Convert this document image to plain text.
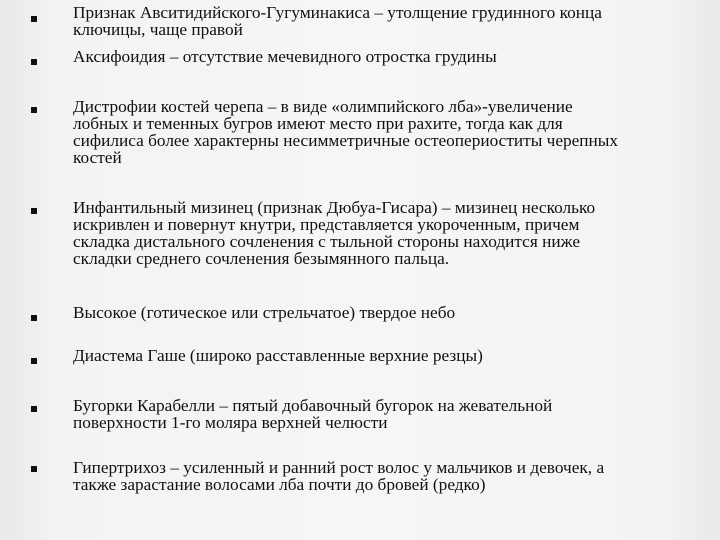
Признак Авситидийского-Гугуминакиса – утолщение грудинного конца
ключицы, чаще правой

Аксифоидия – отсутствие мечевидного отростка грудины

Дистрофии костей черепа – в виде «олимпийского лба»-увеличение
лобных и теменных бугров имеют место при рахите, тогда как для
сифилиса более характерны несимметричные остеопериоститы черепных
костей

Инфантильный мизинец (признак Дюбуа-Гисара) – мизинец несколько
искривлен и повернут кнутри, представляется укороченным, причем
складка дистального сочленения с тыльной стороны находится ниже
складки среднего сочленения безымянного пальца.

Высокое (готическое или стрельчатое) твердое небо

Диастема Гаше (широко расставленные верхние резцы)

Бугорки Карабелли – пятый добавочный бугорок на жевательной
поверхности 1-го моляра верхней челюсти

Гипертрихоз – усиленный и ранний рост волос у мальчиков и девочек, а
также зарастание волосами лба почти до бровей (редко)
